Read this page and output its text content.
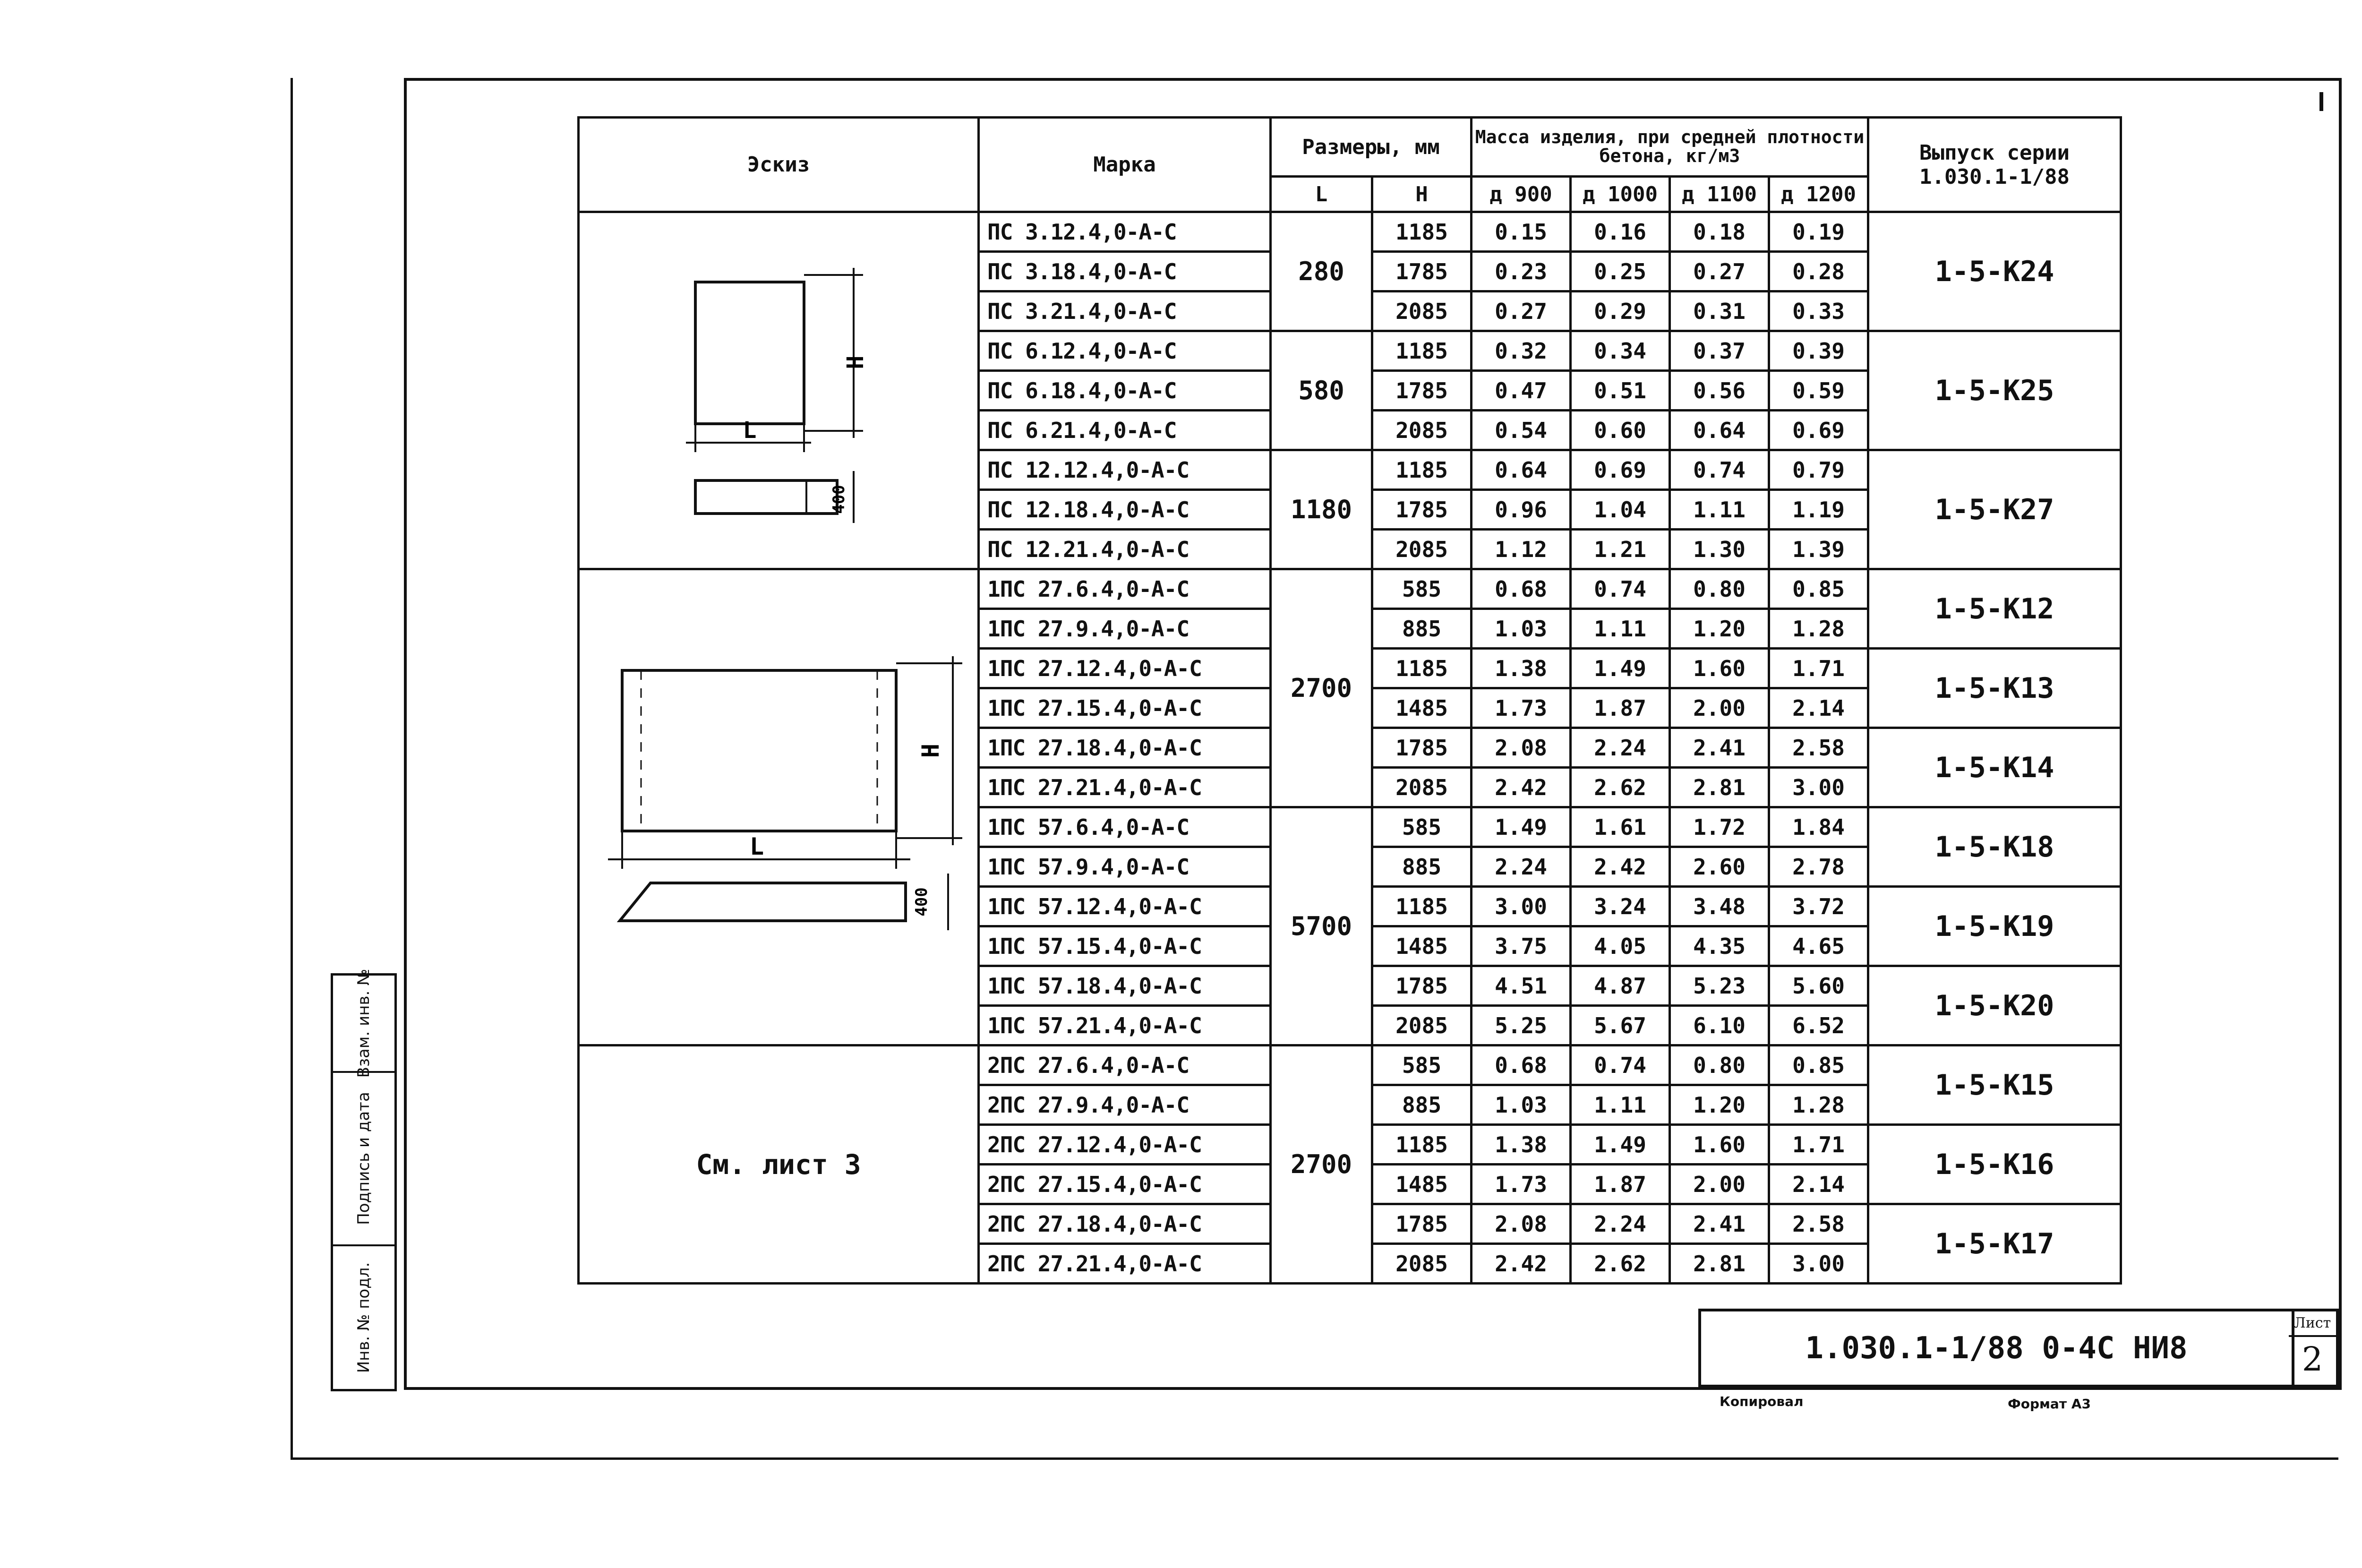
Взам. инв. №
Подпись и дата
Инв. № подл.
Эскиз	Марка	Размеры, мм		Масса изделия, при средней плотности бетона, кг/м3				Выпуск серии
1.030.1-1/88

		L	H	д 900	д 1000	д 1100	д 1200	

H
L
400	ПС 3.12.4,0-А-С	280	1185	0.15	0.16	0.18	0.19	1-5-К24
	ПС 3.18.4,0-А-С		1785	0.23	0.25	0.27	0.28	
	ПС 3.21.4,0-А-С		2085	0.27	0.29	0.31	0.33	
	ПС 6.12.4,0-А-С	580	1185	0.32	0.34	0.37	0.39	1-5-К25
	ПС 6.18.4,0-А-С		1785	0.47	0.51	0.56	0.59	
	ПС 6.21.4,0-А-С		2085	0.54	0.60	0.64	0.69	
	ПС 12.12.4,0-А-С	1180	1185	0.64	0.69	0.74	0.79	1-5-К27
	ПС 12.18.4,0-А-С		1785	0.96	1.04	1.11	1.19	
	ПС 12.21.4,0-А-С		2085	1.12	1.21	1.30	1.39	

H
L
400	1ПС 27.6.4,0-А-С	2700	585	0.68	0.74	0.80	0.85	1-5-К12
	1ПС 27.9.4,0-А-С		885	1.03	1.11	1.20	1.28	
	1ПС 27.12.4,0-А-С		1185	1.38	1.49	1.60	1.71	1-5-К13
	1ПС 27.15.4,0-А-С		1485	1.73	1.87	2.00	2.14	
	1ПС 27.18.4,0-А-С		1785	2.08	2.24	2.41	2.58	1-5-К14
	1ПС 27.21.4,0-А-С		2085	2.42	2.62	2.81	3.00	
	1ПС 57.6.4,0-А-С	5700	585	1.49	1.61	1.72	1.84	1-5-К18
	1ПС 57.9.4,0-А-С		885	2.24	2.42	2.60	2.78	
	1ПС 57.12.4,0-А-С		1185	3.00	3.24	3.48	3.72	1-5-К19
	1ПС 57.15.4,0-А-С		1485	3.75	4.05	4.35	4.65	
	1ПС 57.18.4,0-А-С		1785	4.51	4.87	5.23	5.60	1-5-К20
	1ПС 57.21.4,0-А-С		2085	5.25	5.67	6.10	6.52	
См. лист 3	2ПС 27.6.4,0-А-С	2700	585	0.68	0.74	0.80	0.85	1-5-К15
	2ПС 27.9.4,0-А-С		885	1.03	1.11	1.20	1.28	
	2ПС 27.12.4,0-А-С		1185	1.38	1.49	1.60	1.71	1-5-К16
	2ПС 27.15.4,0-А-С		1485	1.73	1.87	2.00	2.14	
	2ПС 27.18.4,0-А-С		1785	2.08	2.24	2.41	2.58	1-5-К17
	2ПС 27.21.4,0-А-С		2085	2.42	2.62	2.81	3.00	
1.030.1-1/88 0-4С НИ8
Лист
2
Копировал	Формат А3
